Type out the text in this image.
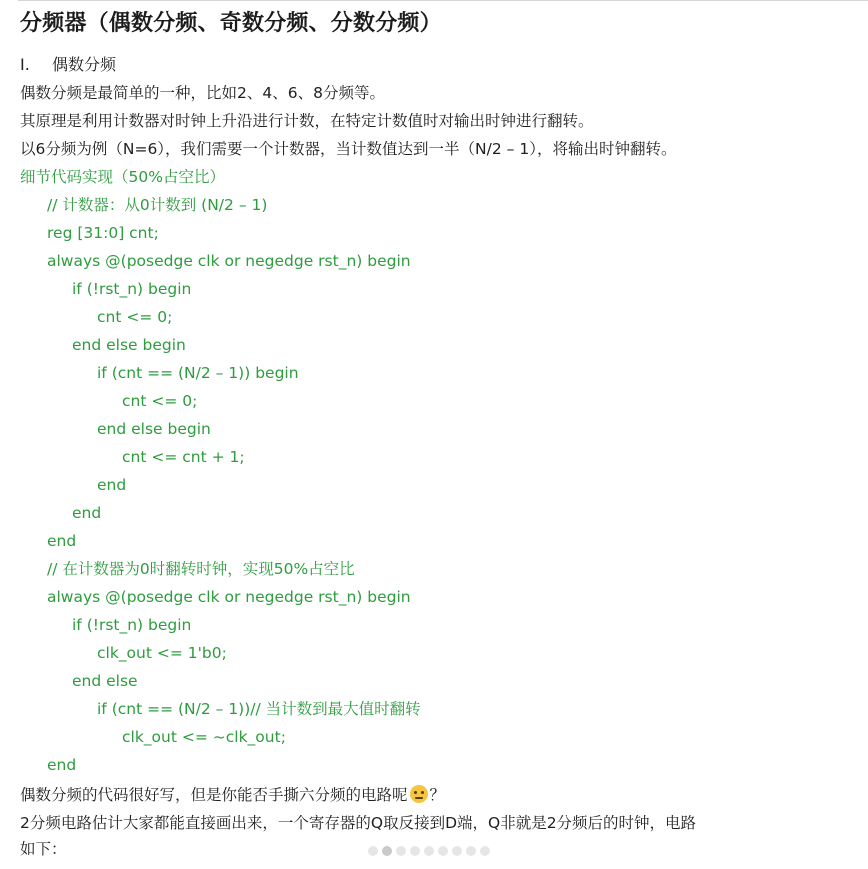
分频器（偶数分频、奇数分频、分数分频）
I. 偶数分频
偶数分频是最简单的一种，比如2、4、6、8分频等。
其原理是利用计数器对时钟上升沿进行计数，在特定计数值时对输出时钟进行翻转。
以6分频为例（N=6），我们需要一个计数器，当计数值达到一半（N/2 – 1），将输出时钟翻转。
细节代码实现（50%占空比）
// 计数器：从0计数到 (N/2 – 1)
reg [31:0] cnt;
always @(posedge clk or negedge rst_n) begin
if (!rst_n) begin
cnt <= 0;
end else begin
if (cnt == (N/2 – 1)) begin
cnt <= 0;
end else begin
cnt <= cnt + 1;
end
end
end
// 在计数器为0时翻转时钟，实现50%占空比
always @(posedge clk or negedge rst_n) begin
if (!rst_n) begin
clk_out <= 1'b0;
end else
if (cnt == (N/2 – 1))// 当计数到最大值时翻转
clk_out <= ~clk_out;
end
偶数分频的代码很好写，但是你能否手撕六分频的电路呢 ？
2分频电路估计大家都能直接画出来，一个寄存器的Q取反接到D端，Q非就是2分频后的时钟，电路
如下：
